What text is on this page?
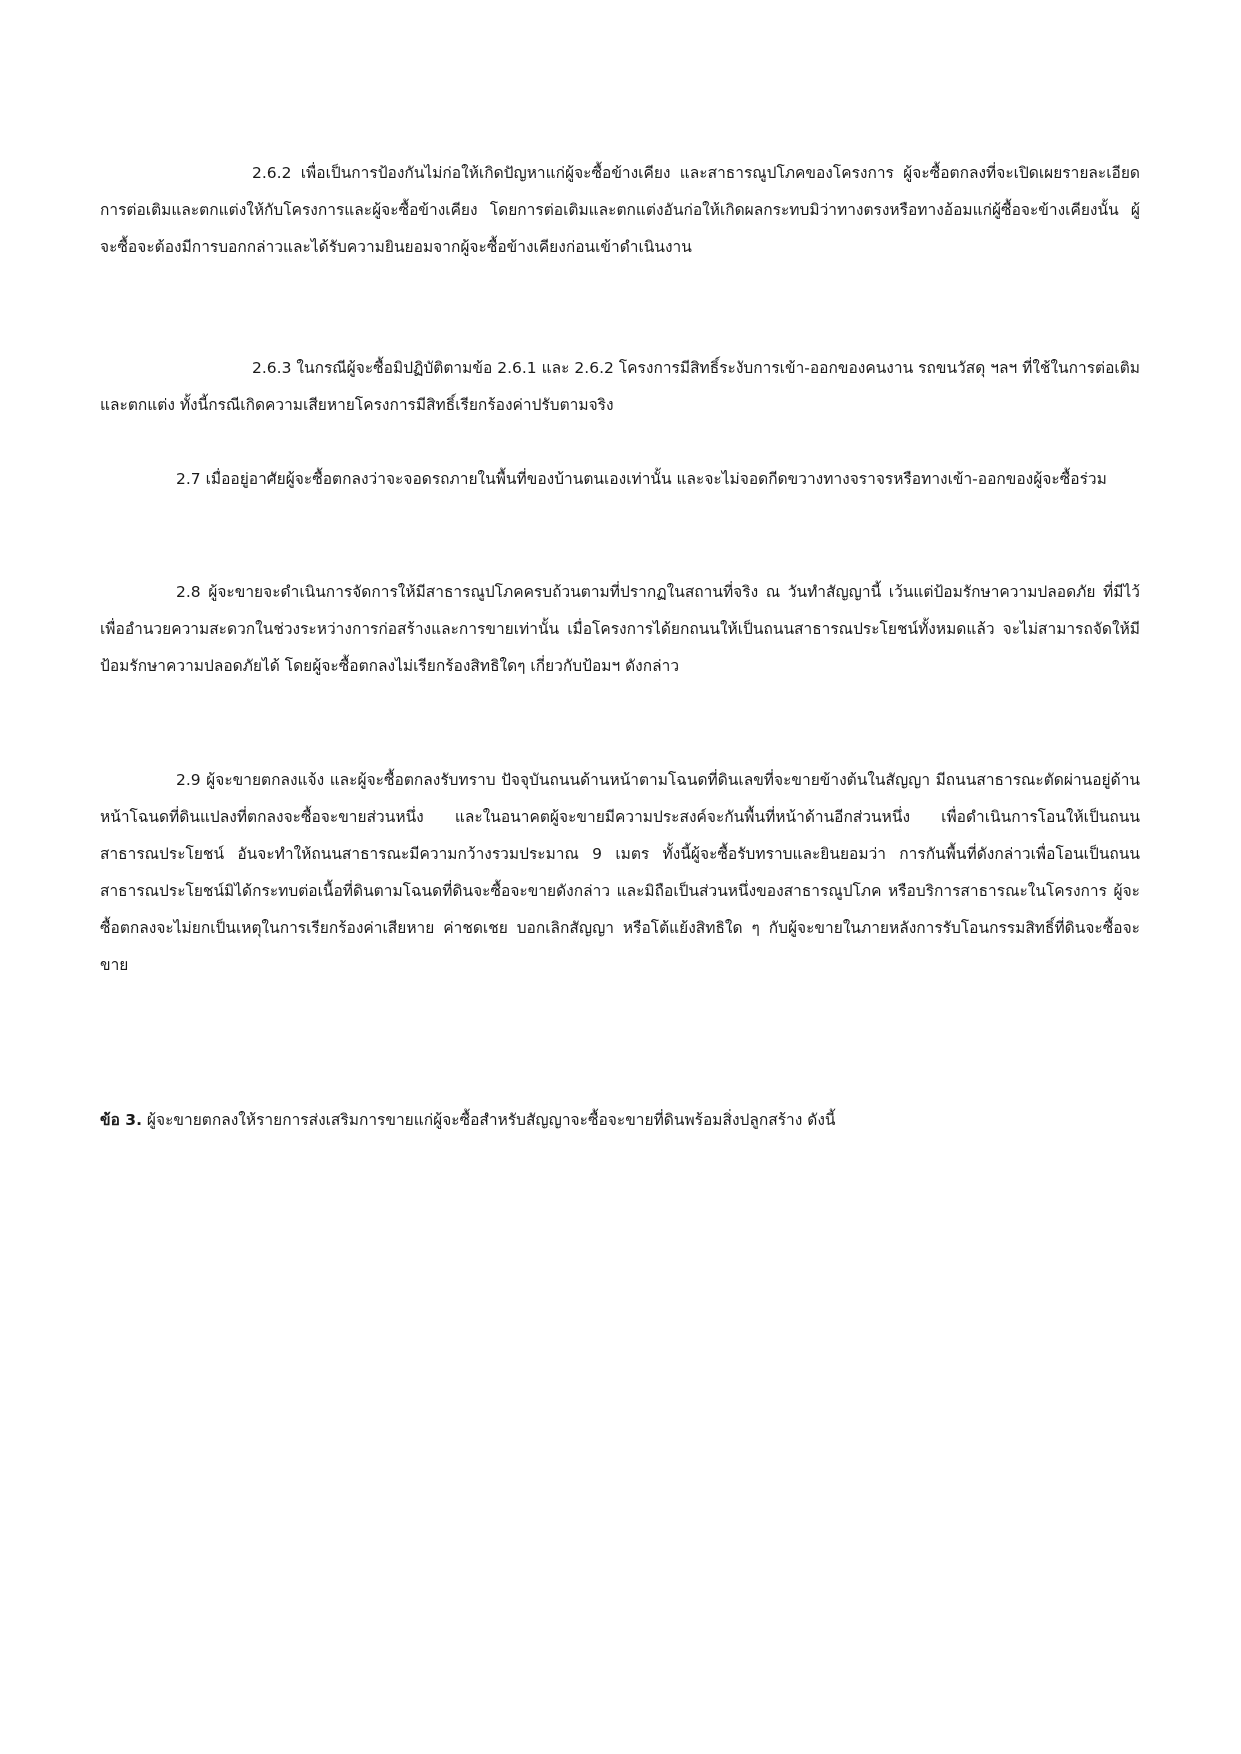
2.6.2 เพื่อเป็นการป้องกันไม่ก่อให้เกิดปัญหาแก่ผู้จะซื้อข้างเคียง และสาธารณูปโภคของโครงการ ผู้จะซื้อตกลงที่จะเปิดเผยรายละเอียดการต่อเติมและตกแต่งให้กับโครงการและผู้จะซื้อข้างเคียง โดยการต่อเติมและตกแต่งอันก่อให้เกิดผลกระทบมิว่าทางตรงหรือทางอ้อมแก่ผู้ซื้อจะข้างเคียงนั้น ผู้จะซื้อจะต้องมีการบอกกล่าวและได้รับความยินยอมจากผู้จะซื้อข้างเคียงก่อนเข้าดำเนินงาน

2.6.3 ในกรณีผู้จะซื้อมิปฏิบัติตามข้อ 2.6.1 และ 2.6.2 โครงการมีสิทธิ์ระงับการเข้า-ออกของคนงาน รถขนวัสดุ ฯลฯ ที่ใช้ในการต่อเติมและตกแต่ง ทั้งนี้กรณีเกิดความเสียหายโครงการมีสิทธิ์เรียกร้องค่าปรับตามจริง

2.7 เมื่ออยู่อาศัยผู้จะซื้อตกลงว่าจะจอดรถภายในพื้นที่ของบ้านตนเองเท่านั้น และจะไม่จอดกีดขวางทางจราจรหรือทางเข้า-ออกของผู้จะซื้อร่วม

2.8 ผู้จะขายจะดำเนินการจัดการให้มีสาธารณูปโภคครบถ้วนตามที่ปรากฏในสถานที่จริง ณ วันทำสัญญานี้ เว้นแต่ป้อมรักษาความปลอดภัย ที่มีไว้เพื่ออำนวยความสะดวกในช่วงระหว่างการก่อสร้างและการขายเท่านั้น เมื่อโครงการได้ยกถนนให้เป็นถนนสาธารณประโยชน์ทั้งหมดแล้ว จะไม่สามารถจัดให้มีป้อมรักษาความปลอดภัยได้ โดยผู้จะซื้อตกลงไม่เรียกร้องสิทธิใดๆ เกี่ยวกับป้อมฯ ดังกล่าว

2.9 ผู้จะขายตกลงแจ้ง และผู้จะซื้อตกลงรับทราบ ปัจจุบันถนนด้านหน้าตามโฉนดที่ดินเลขที่จะขายข้างต้นในสัญญา มีถนนสาธารณะตัดผ่านอยู่ด้านหน้าโฉนดที่ดินแปลงที่ตกลงจะซื้อจะขายส่วนหนึ่ง และในอนาคตผู้จะขายมีความประสงค์จะกันพื้นที่หน้าด้านอีกส่วนหนึ่ง เพื่อดำเนินการโอนให้เป็นถนนสาธารณประโยชน์ อันจะทำให้ถนนสาธารณะมีความกว้างรวมประมาณ 9 เมตร ทั้งนี้ผู้จะซื้อรับทราบและยินยอมว่า การกันพื้นที่ดังกล่าวเพื่อโอนเป็นถนนสาธารณประโยชน์มิได้กระทบต่อเนื้อที่ดินตามโฉนดที่ดินจะซื้อจะขายดังกล่าว และมิถือเป็นส่วนหนึ่งของสาธารณูปโภค หรือบริการสาธารณะในโครงการ ผู้จะซื้อตกลงจะไม่ยกเป็นเหตุในการเรียกร้องค่าเสียหาย ค่าชดเชย บอกเลิกสัญญา หรือโต้แย้งสิทธิใด ๆ กับผู้จะขายในภายหลังการรับโอนกรรมสิทธิ์ที่ดินจะซื้อจะขาย

ข้อ 3. ผู้จะขายตกลงให้รายการส่งเสริมการขายแก่ผู้จะซื้อสำหรับสัญญาจะซื้อจะขายที่ดินพร้อมสิ่งปลูกสร้าง ดังนี้
